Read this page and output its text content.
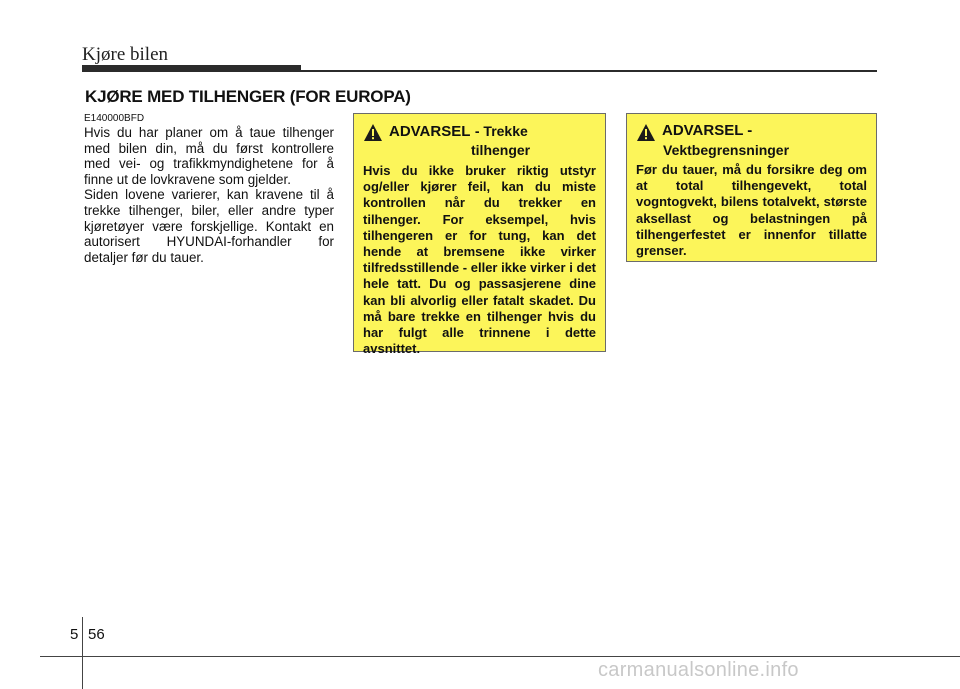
Kjøre bilen
KJØRE MED TILHENGER (FOR EUROPA)
E140000BFD

Hvis du har planer om å taue tilhenger med bilen din, må du først kontrollere med vei- og trafikkmyndighetene for å finne ut de lovkravene som gjelder.

Siden lovene varierer, kan kravene til å trekke tilhenger, biler, eller andre typer kjøretøyer være forskjellige. Kontakt en autorisert HYUNDAI-forhandler for detaljer før du tauer.

ADVARSEL - Trekke
tilhenger
Hvis du ikke bruker riktig utstyr og/eller kjører feil, kan du miste kontrollen når du trekker en tilhenger. For eksempel, hvis tilhengeren er for tung, kan det hende at bremsene ikke virker tilfredsstillende - eller ikke virker i det hele tatt. Du og passasjerene dine kan bli alvorlig eller fatalt skadet. Du må bare trekke en tilhenger hvis du har fulgt alle trinnene i dette avsnittet.
ADVARSEL -
Vektbegrensninger
Før du tauer, må du forsikre deg om at total tilhengevekt, total vogntogvekt, bilens totalvekt, største aksellast og belastningen på tilhengerfestet er innenfor tillatte grenser.
5 56
carmanualsonline.info
